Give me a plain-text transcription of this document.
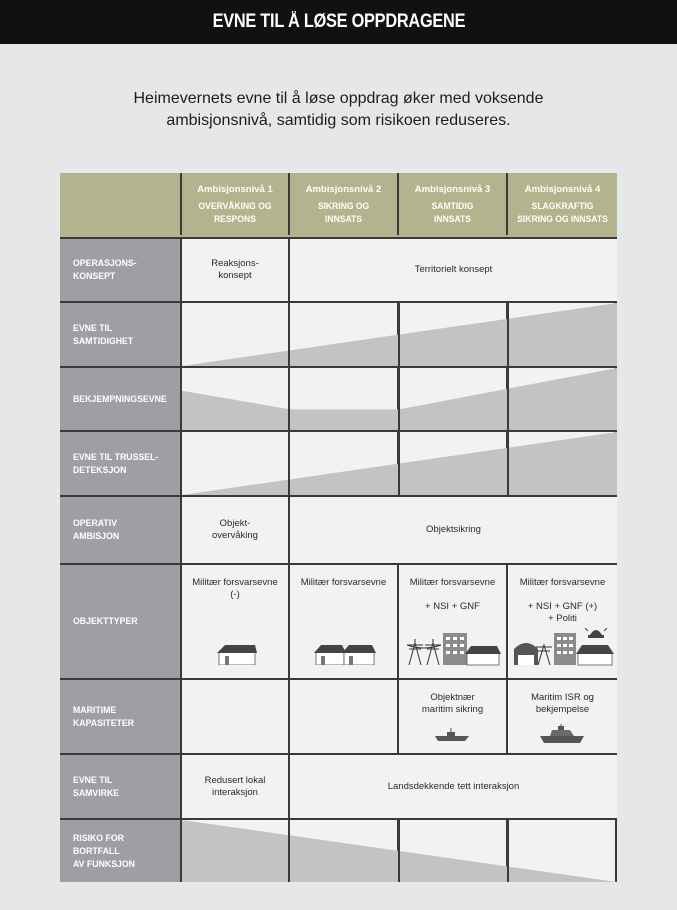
EVNE TIL Å LØSE OPPDRAGENE
Heimevernets evne til å løse oppdrag øker med voksende
ambisjonsnivå, samtidig som risikoen reduseres.
Ambisjonsnivå 1
OVERVÅKING OG
RESPONS
Ambisjonsnivå 2
SIKRING OG
INNSATS
Ambisjonsnivå 3
SAMTIDIG
INNSATS
Ambisjonsnivå 4
SLAGKRAFTIG
SIKRING OG INNSATS
OPERASJONS-
KONSEPT
Reaksjons-
konsept
Territorielt konsept
EVNE TIL
SAMTIDIGHET
BEKJEMPNINGSEVNE
EVNE TIL TRUSSEL-
DETEKSJON
OPERATIV
AMBISJON
Objekt-
overvåking
Objektsikring
OBJEKTTYPER
Militær forsvarsevne
(-)
Militær forsvarsevne	Militær forsvarsevne

+ NSI + GNF
Militær forsvarsevne

+ NSI + GNF (+)
+ Politi
MARITIME
KAPASITETER
Objektnær
maritim sikring
Maritim ISR og
bekjempelse
EVNE TIL
SAMVIRKE
Redusert lokal
interaksjon
Landsdekkende tett interaksjon
RISIKO FOR BORTFALL
AV FUNKSJON
